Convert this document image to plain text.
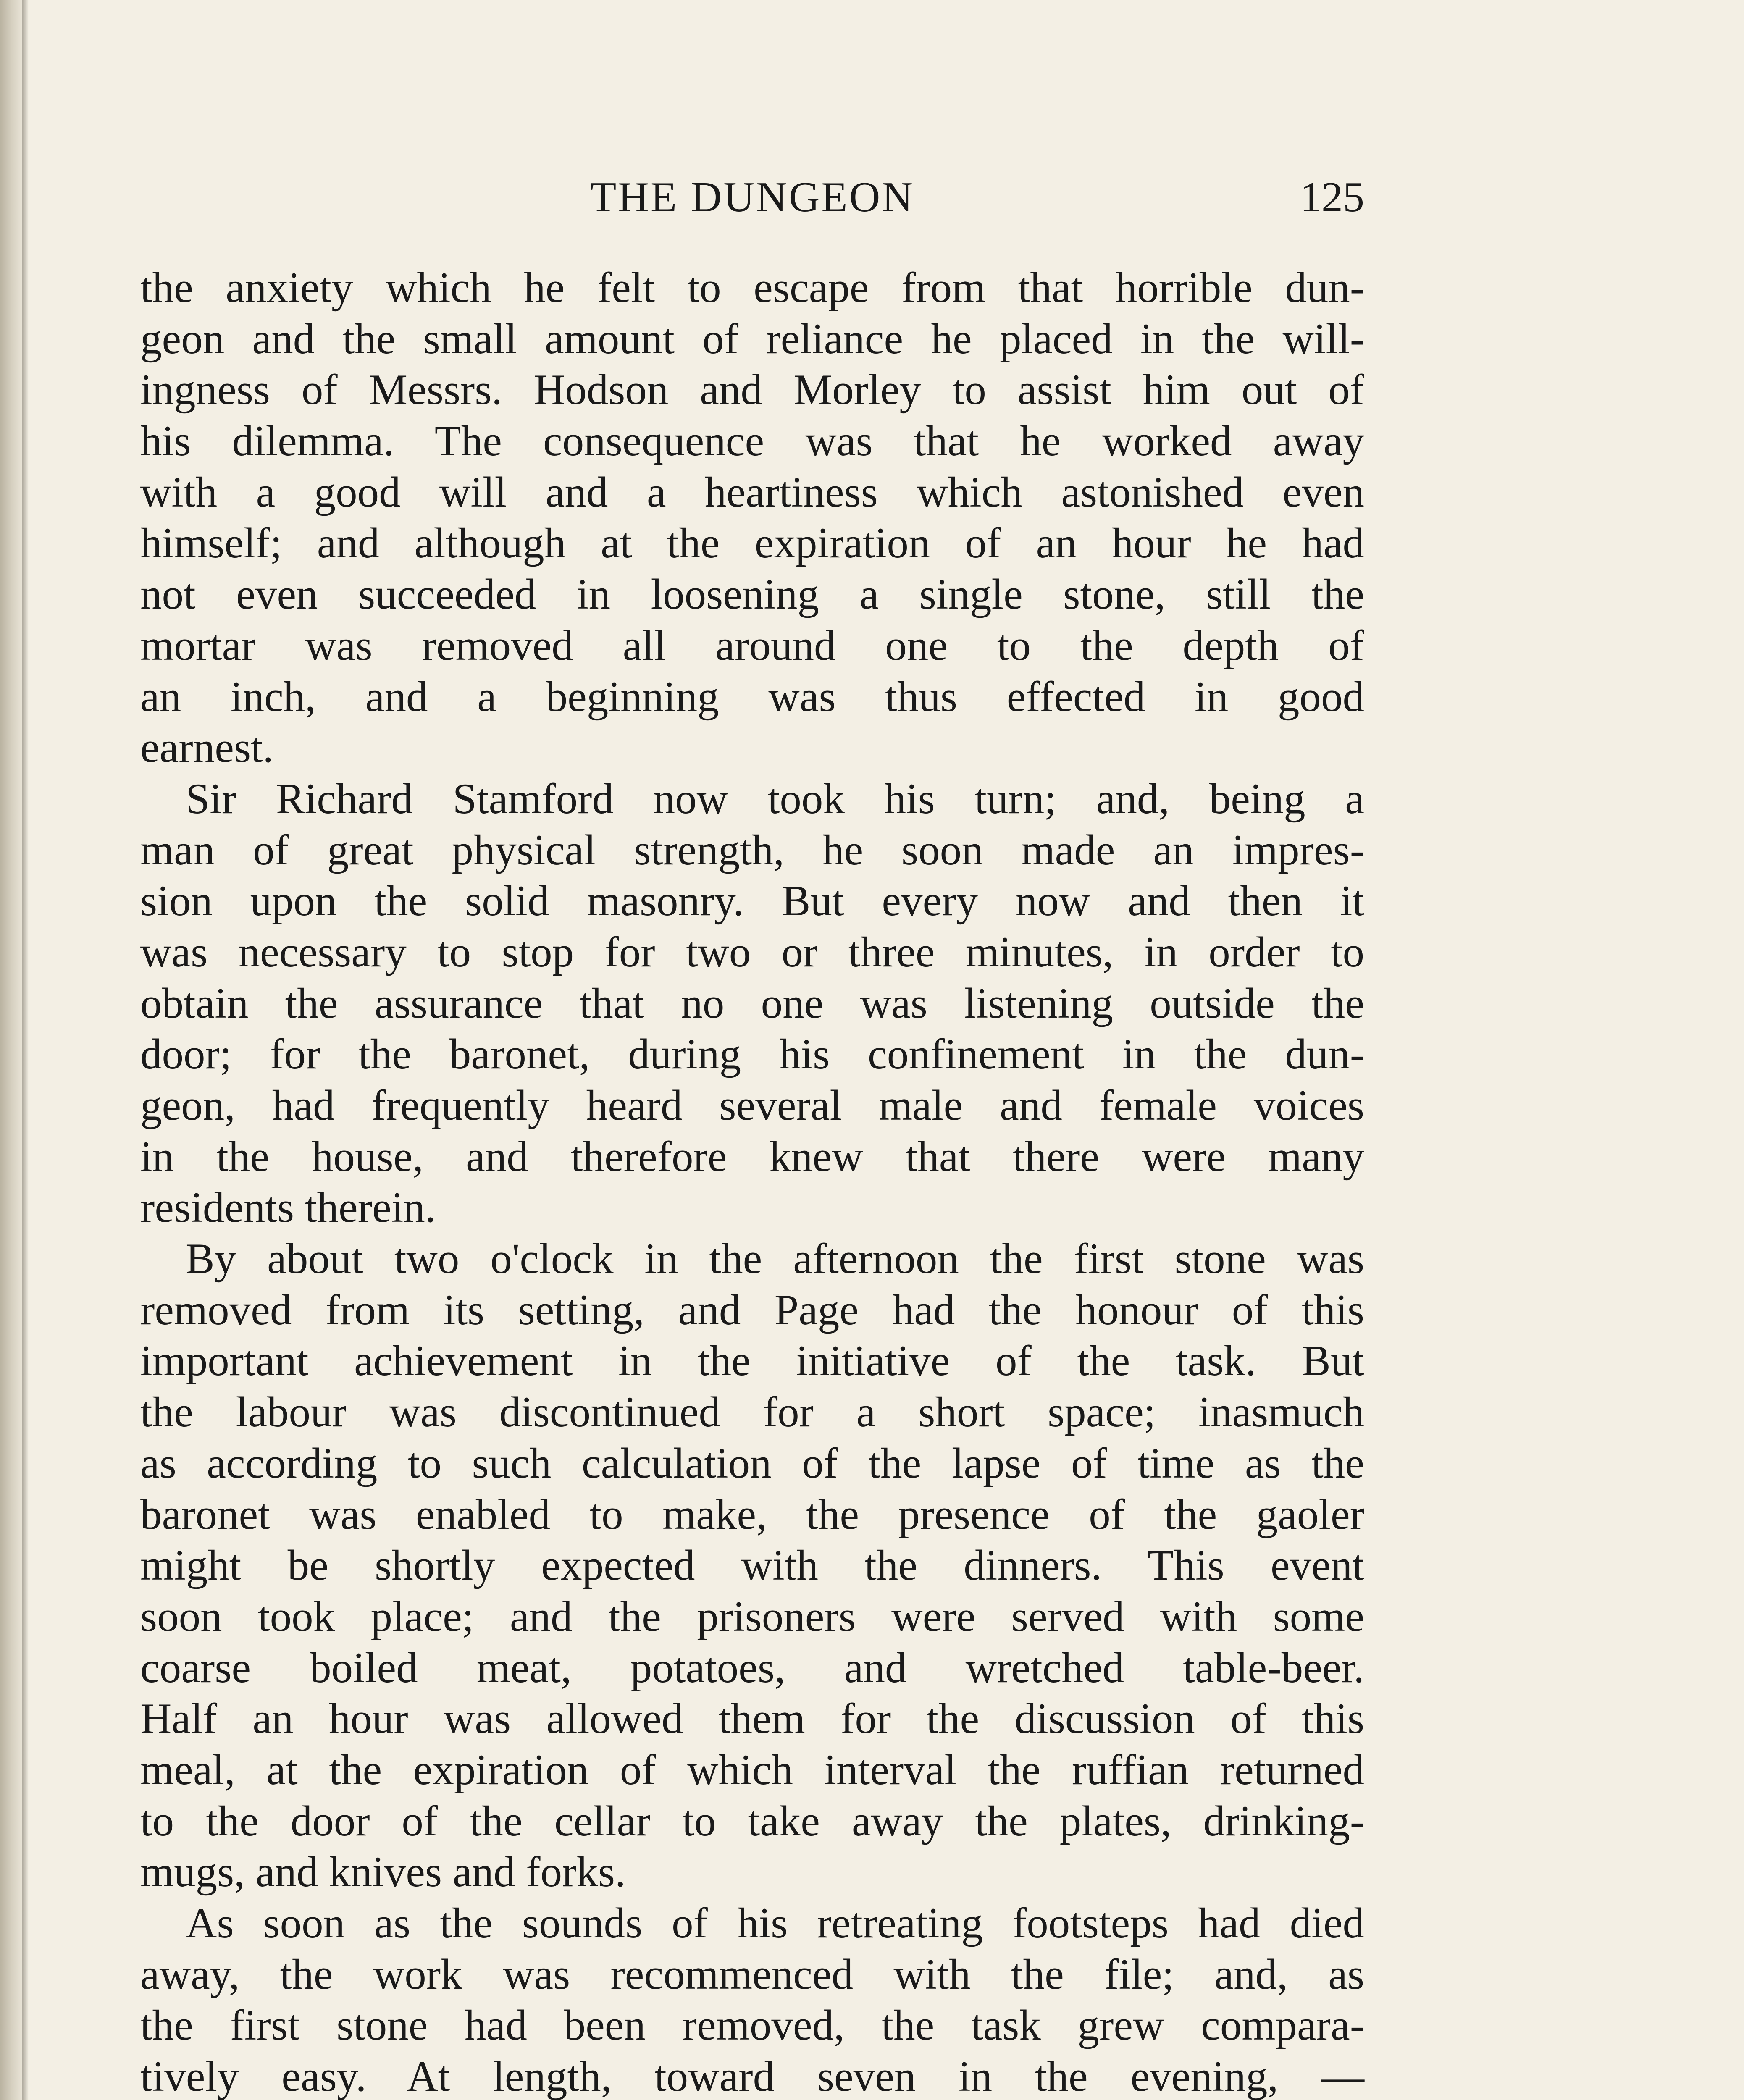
THE DUNGEON	125
the anxiety which he felt to escape from that horrible dun-
geon and the small amount of reliance he placed in the will-
ingness of Messrs. Hodson and Morley to assist him out of
his dilemma. The consequence was that he worked away
with a good will and a heartiness which astonished even
himself; and although at the expiration of an hour he had
not even succeeded in loosening a single stone, still the
mortar was removed all around one to the depth of
an inch, and a beginning was thus effected in good
earnest.
Sir Richard Stamford now took his turn; and, being a
man of great physical strength, he soon made an impres-
sion upon the solid masonry. But every now and then it
was necessary to stop for two or three minutes, in order to
obtain the assurance that no one was listening outside the
door; for the baronet, during his confinement in the dun-
geon, had frequently heard several male and female voices
in the house, and therefore knew that there were many
residents therein.
By about two o'clock in the afternoon the first stone was
removed from its setting, and Page had the honour of this
important achievement in the initiative of the task. But
the labour was discontinued for a short space; inasmuch
as according to such calculation of the lapse of time as the
baronet was enabled to make, the presence of the gaoler
might be shortly expected with the dinners. This event
soon took place; and the prisoners were served with some
coarse boiled meat, potatoes, and wretched table-beer.
Half an hour was allowed them for the discussion of this
meal, at the expiration of which interval the ruffian returned
to the door of the cellar to take away the plates, drinking-
mugs, and knives and forks.
As soon as the sounds of his retreating footsteps had died
away, the work was recommenced with the file; and, as
the first stone had been removed, the task grew compara-
tively easy. At length, toward seven in the evening, —
